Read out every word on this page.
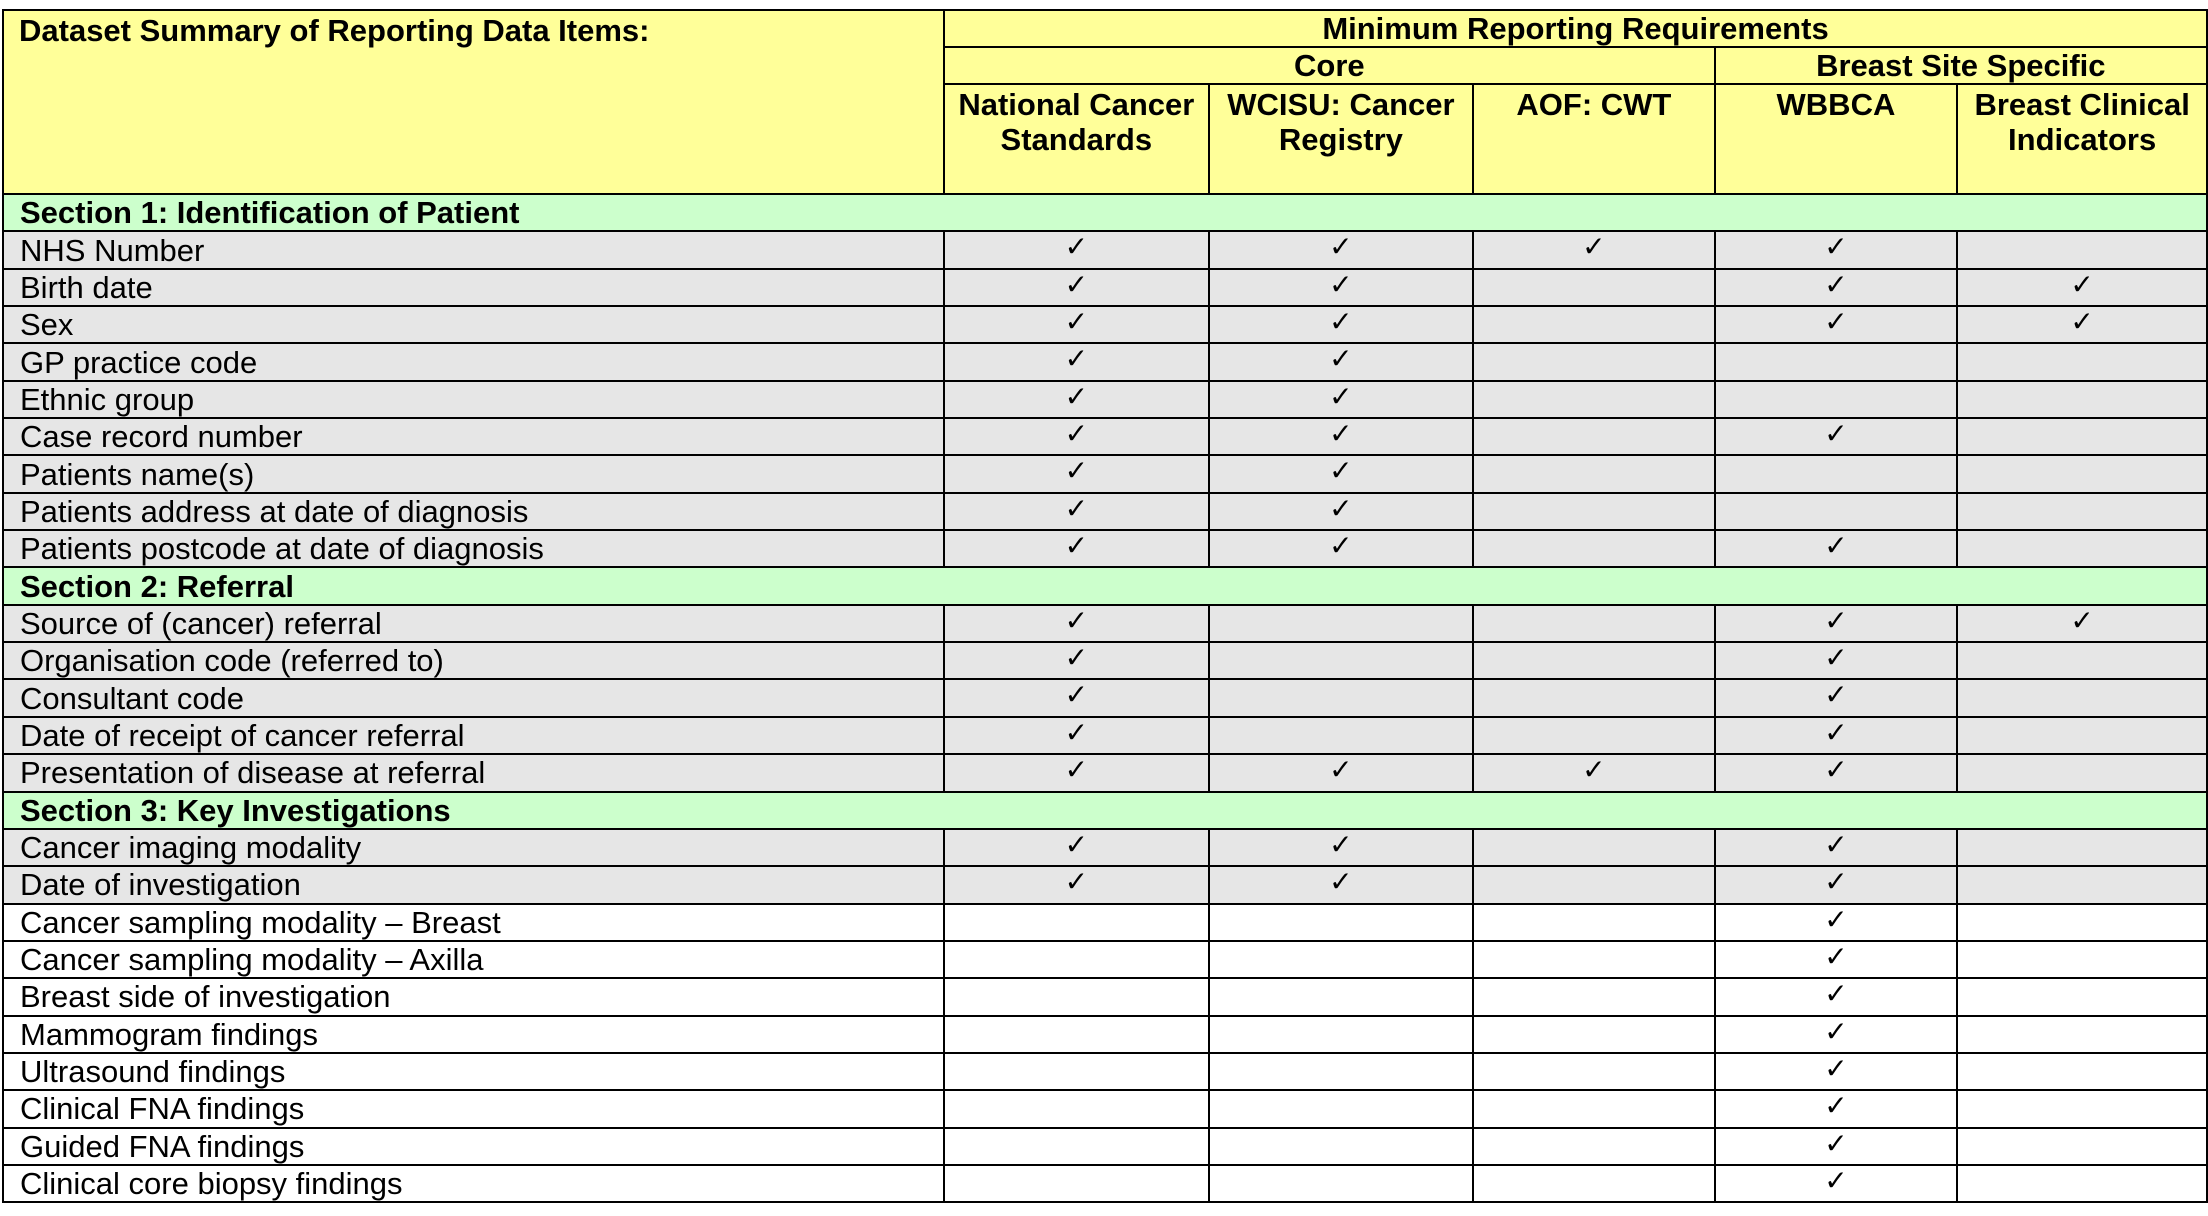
Dataset Summary of Reporting Data Items:	Minimum Reporting Requirements				
	Core			Breast Site Specific	
	National Cancer Standards	WCISU: Cancer Registry	AOF: CWT	WBBCA	Breast Clinical Indicators
Section 1: Identification of Patient					
NHS Number	✓	✓	✓	✓	
Birth date	✓	✓		✓	✓
Sex	✓	✓		✓	✓
GP practice code	✓	✓			
Ethnic group	✓	✓			
Case record number	✓	✓		✓	
Patients name(s)	✓	✓			
Patients address at date of diagnosis	✓	✓			
Patients postcode at date of diagnosis	✓	✓		✓	
Section 2: Referral					
Source of (cancer) referral	✓			✓	✓
Organisation code (referred to)	✓			✓	
Consultant code	✓			✓	
Date of receipt of cancer referral	✓			✓	
Presentation of disease at referral	✓	✓	✓	✓	
Section 3: Key Investigations					
Cancer imaging modality	✓	✓		✓	
Date of investigation	✓	✓		✓	
Cancer sampling modality – Breast				✓	
Cancer sampling modality – Axilla				✓	
Breast side of investigation				✓	
Mammogram findings				✓	
Ultrasound findings				✓	
Clinical FNA findings				✓	
Guided FNA findings				✓	
Clinical core biopsy findings				✓	
